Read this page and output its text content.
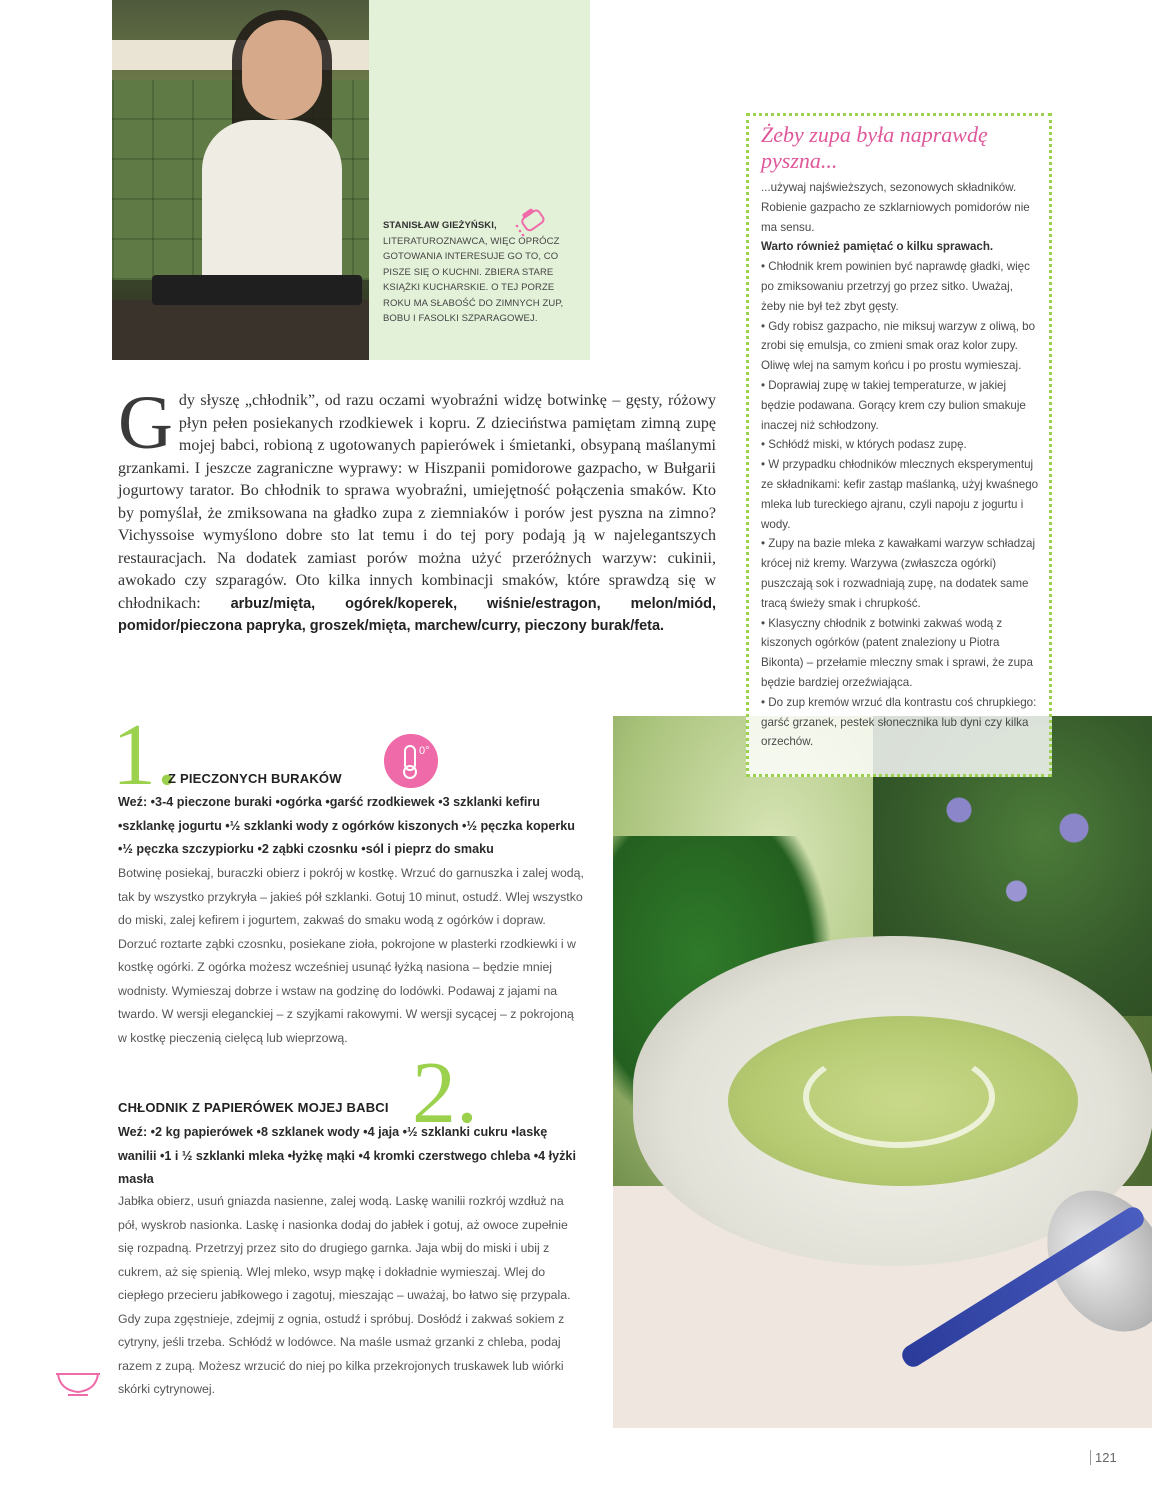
STANISŁAW GIEŻYŃSKI, LITERATUROZNAWCA, WIĘC OPRÓCZ GOTOWANIA INTERESUJE GO TO, CO PISZE SIĘ O KUCHNI. ZBIERA STARE KSIĄŻKI KUCHARSKIE. O TEJ PORZE ROKU MA SŁABOŚĆ DO ZIMNYCH ZUP, BOBU I FASOLKI SZPARAGOWEJ.
Gdy słyszę „chłodnik”, od razu oczami wyobraźni widzę botwinkę – gęsty, różowy płyn pełen posiekanych rzodkiewek i kopru. Z dzieciństwa pamiętam zimną zupę mojej babci, robioną z ugotowanych papierówek i śmietanki, obsypaną maślanymi grzankami. I jeszcze zagraniczne wyprawy: w Hiszpanii pomidorowe gazpacho, w Bułgarii jogurtowy tarator. Bo chłodnik to sprawa wyobraźni, umiejętność połączenia smaków. Kto by pomyślał, że zmiksowana na gładko zupa z ziemniaków i porów jest pyszna na zimno? Vichyssoise wymyślono dobre sto lat temu i do tej pory podają ją w najelegantszych restauracjach. Na dodatek zamiast porów można użyć przeróżnych warzyw: cukinii, awokado czy szparagów. Oto kilka innych kombinacji smaków, które sprawdzą się w chłodnikach: arbuz/mięta, ogórek/koperek, wiśnie/estragon, melon/miód, pomidor/pieczona papryka, groszek/mięta, marchew/curry, pieczony burak/feta.
Żeby zupa była naprawdę pyszna...
...używaj najświeższych, sezonowych składników. Robienie gazpacho ze szklarniowych pomidorów nie ma sensu.
Warto również pamiętać o kilku sprawach.
• Chłodnik krem powinien być naprawdę gładki, więc po zmiksowaniu przetrzyj go przez sitko. Uważaj, żeby nie był też zbyt gęsty.
• Gdy robisz gazpacho, nie miksuj warzyw z oliwą, bo zrobi się emulsja, co zmieni smak oraz kolor zupy. Oliwę wlej na samym końcu i po prostu wymieszaj.
• Doprawiaj zupę w takiej temperaturze, w jakiej będzie podawana. Gorący krem czy bulion smakuje inaczej niż schłodzony.
• Schłódź miski, w których podasz zupę.
• W przypadku chłodników mlecznych eksperymentuj ze składnikami: kefir zastąp maślanką, użyj kwaśnego mleka lub tureckiego ajranu, czyli napoju z jogurtu i wody.
• Zupy na bazie mleka z kawałkami warzyw schładzaj krócej niż kremy. Warzywa (zwłaszcza ogórki) puszczają sok i rozwadniają zupę, na dodatek same tracą świeży smak i chrupkość.
• Klasyczny chłodnik z botwinki zakwaś wodą z kiszonych ogórków (patent znaleziony u Piotra Bikonta) – przełamie mleczny smak i sprawi, że zupa będzie bardziej orzeźwiająca.
• Do zup kremów wrzuć dla kontrastu coś chrupkiego: garść grzanek, pestek słonecznika lub dyni czy kilka orzechów.
1.
Z PIECZONYCH BURAKÓW
0°
Weź: •3-4 pieczone buraki •ogórka •garść rzodkiewek •3 szklanki kefiru •szklankę jogurtu •½ szklanki wody z ogórków kiszonych •½ pęczka koperku •½ pęczka szczypiorku •2 ząbki czosnku •sól i pieprz do smaku
Botwinę posiekaj, buraczki obierz i pokrój w kostkę. Wrzuć do garnuszka i zalej wodą, tak by wszystko przykryła – jakieś pół szklanki. Gotuj 10 minut, ostudź. Wlej wszystko do miski, zalej kefirem i jogurtem, zakwaś do smaku wodą z ogórków i dopraw. Dorzuć roztarte ząbki czosnku, posiekane zioła, pokrojone w plasterki rzodkiewki i w kostkę ogórki. Z ogórka możesz wcześniej usunąć łyżką nasiona – będzie mniej wodnisty. Wymieszaj dobrze i wstaw na godzinę do lodówki. Podawaj z jajami na twardo. W wersji eleganckiej – z szyjkami rakowymi. W wersji sycącej – z pokrojoną w kostkę pieczenią cielęcą lub wieprzową.
2.
CHŁODNIK Z PAPIERÓWEK MOJEJ BABCI
Weź: •2 kg papierówek •8 szklanek wody •4 jaja •½ szklanki cukru •laskę wanilii •1 i ½ szklanki mleka •łyżkę mąki •4 kromki czerstwego chleba •4 łyżki masła
Jabłka obierz, usuń gniazda nasienne, zalej wodą. Laskę wanilii rozkrój wzdłuż na pół, wyskrob nasionka. Laskę i nasionka dodaj do jabłek i gotuj, aż owoce zupełnie się rozpadną. Przetrzyj przez sito do drugiego garnka. Jaja wbij do miski i ubij z cukrem, aż się spienią. Wlej mleko, wsyp mąkę i dokładnie wymieszaj. Wlej do ciepłego przecieru jabłkowego i zagotuj, mieszając – uważaj, bo łatwo się przypala. Gdy zupa zgęstnieje, zdejmij z ognia, ostudź i spróbuj. Dosłódź i zakwaś sokiem z cytryny, jeśli trzeba. Schłódź w lodówce. Na maśle usmaż grzanki z chleba, podaj razem z zupą. Możesz wrzucić do niej po kilka przekrojonych truskawek lub wiórki skórki cytrynowej.
121
